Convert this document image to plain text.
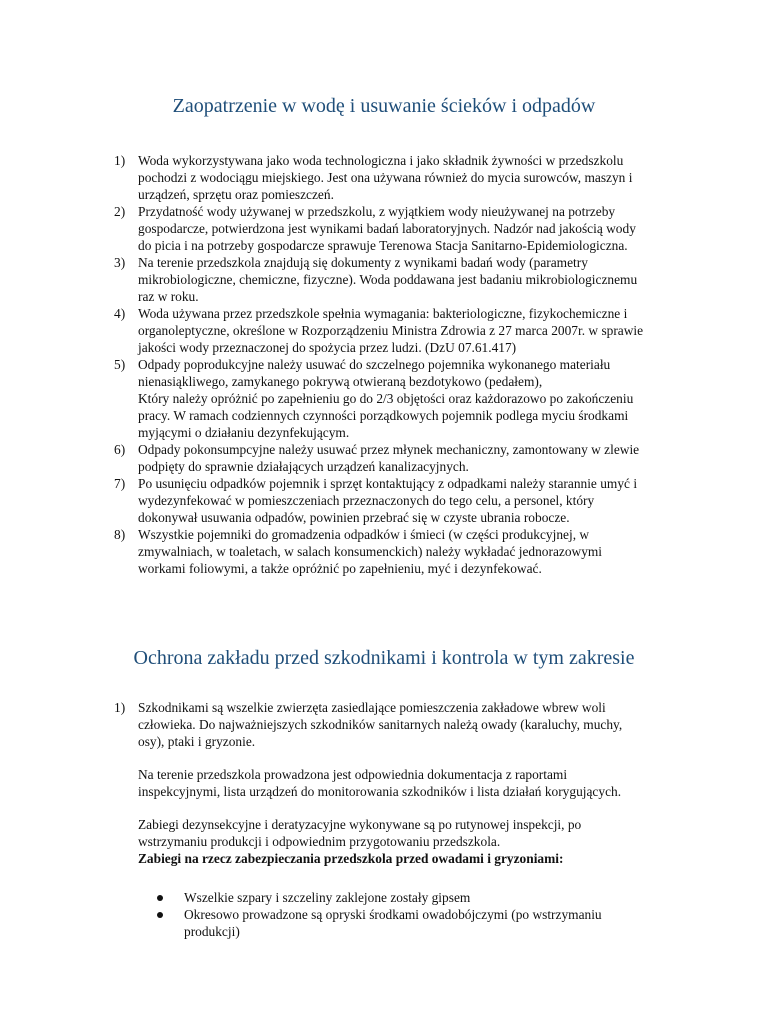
Zaopatrzenie w wodę i usuwanie ścieków i odpadów
1) Woda wykorzystywana jako woda technologiczna i jako składnik żywności w przedszkolu
pochodzi z wodociągu miejskiego. Jest ona używana również do mycia surowców, maszyn i
urządzeń, sprzętu oraz pomieszczeń.
2) Przydatność wody używanej w przedszkolu, z wyjątkiem wody nieużywanej na potrzeby
gospodarcze, potwierdzona jest wynikami badań laboratoryjnych. Nadzór nad jakością wody
do picia i na potrzeby gospodarcze sprawuje Terenowa Stacja Sanitarno-Epidemiologiczna.
3) Na terenie przedszkola znajdują się dokumenty z wynikami badań wody (parametry
mikrobiologiczne, chemiczne, fizyczne). Woda poddawana jest badaniu mikrobiologicznemu
raz w roku.
4) Woda używana przez przedszkole spełnia wymagania: bakteriologiczne, fizykochemiczne i
organoleptyczne, określone w Rozporządzeniu Ministra Zdrowia z 27 marca 2007r. w sprawie
jakości wody przeznaczonej do spożycia przez ludzi. (DzU 07.61.417)
5) Odpady poprodukcyjne należy usuwać do szczelnego pojemnika wykonanego materiału
nienasiąkliwego, zamykanego pokrywą otwieraną bezdotykowo (pedałem),
Który należy opróżnić po zapełnieniu go do 2/3 objętości oraz każdorazowo po zakończeniu
pracy. W ramach codziennych czynności porządkowych pojemnik podlega myciu środkami
myjącymi o działaniu dezynfekującym.
6) Odpady pokonsumpcyjne należy usuwać przez młynek mechaniczny, zamontowany w zlewie
podpięty do sprawnie działających urządzeń kanalizacyjnych.
7) Po usunięciu odpadków pojemnik i sprzęt kontaktujący z odpadkami należy starannie umyć i
wydezynfekować w pomieszczeniach przeznaczonych do tego celu, a personel, który
dokonywał usuwania odpadów, powinien przebrać się w czyste ubrania robocze.
8) Wszystkie pojemniki do gromadzenia odpadków i śmieci (w części produkcyjnej, w
zmywalniach, w toaletach, w salach konsumenckich) należy wykładać jednorazowymi
workami foliowymi, a także opróżnić po zapełnieniu, myć i dezynfekować.
Ochrona zakładu przed szkodnikami i kontrola w tym zakresie
1) Szkodnikami są wszelkie zwierzęta zasiedlające pomieszczenia zakładowe wbrew woli
człowieka. Do najważniejszych szkodników sanitarnych należą owady (karaluchy, muchy,
osy), ptaki i gryzonie.
Na terenie przedszkola prowadzona jest odpowiednia dokumentacja z raportami
inspekcyjnymi, lista urządzeń do monitorowania szkodników i lista działań korygujących.
Zabiegi dezynsekcyjne i deratyzacyjne wykonywane są po rutynowej inspekcji, po
wstrzymaniu produkcji i odpowiednim przygotowaniu przedszkola.
Zabiegi na rzecz zabezpieczania przedszkola przed owadami i gryzoniami:
Wszelkie szpary i szczeliny zaklejone zostały gipsem
Okresowo prowadzone są opryski środkami owadobójczymi (po wstrzymaniu
produkcji)
